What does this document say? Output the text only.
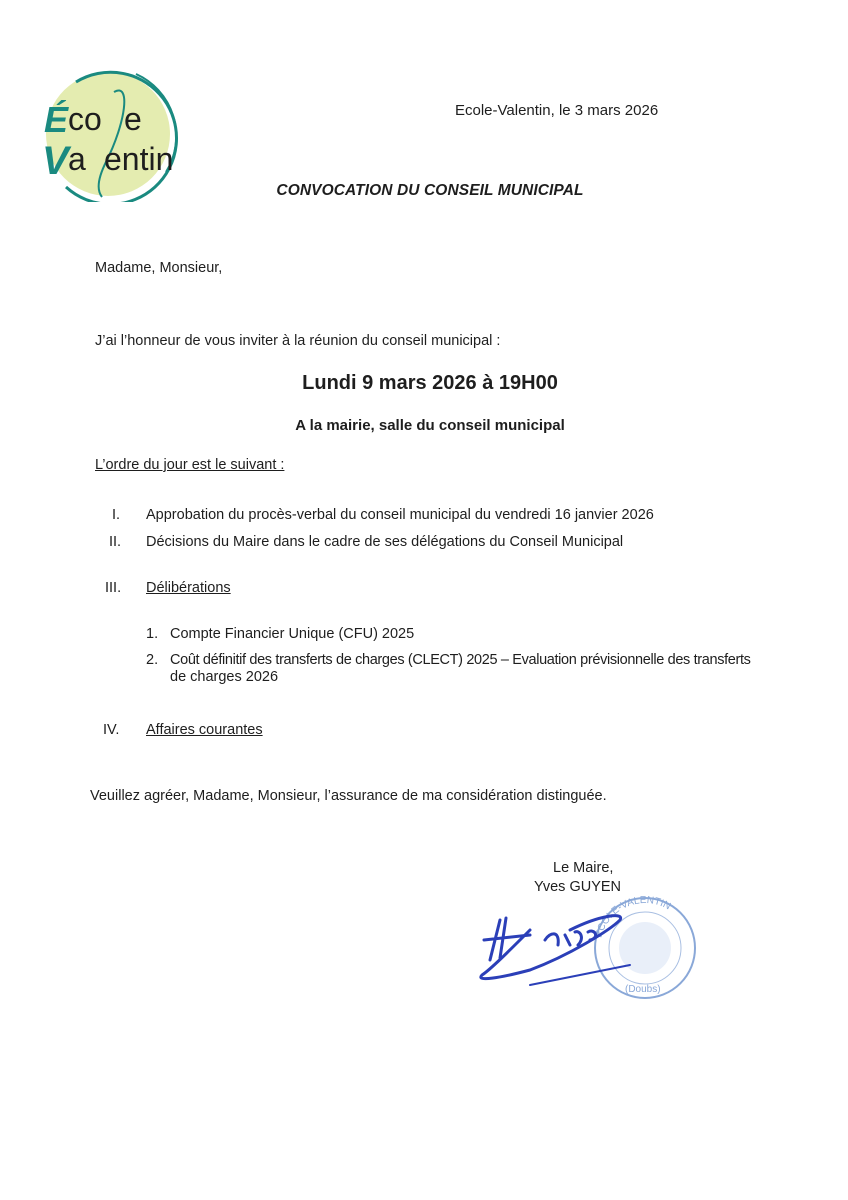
É co e
V a entin
Ecole-Valentin, le 3 mars 2026
CONVOCATION DU CONSEIL MUNICIPAL
Madame, Monsieur,
J’ai l’honneur de vous inviter à la réunion du conseil municipal :
Lundi 9 mars 2026 à 19H00
A la mairie, salle du conseil municipal
L’ordre du jour est le suivant :
I. Approbation du procès-verbal du conseil municipal du vendredi 16 janvier 2026
II. Décisions du Maire dans le cadre de ses délégations du Conseil Municipal
III. Délibérations
1. Compte Financier Unique (CFU) 2025
2. Coût définitif des transferts de charges (CLECT) 2025 – Evaluation prévisionnelle des transferts
de charges 2026
IV. Affaires courantes
Veuillez agréer, Madame, Monsieur, l’assurance de ma considération distinguée.
Le Maire,
Yves GUYEN
ECOLE-VALENTIN
(Doubs)
